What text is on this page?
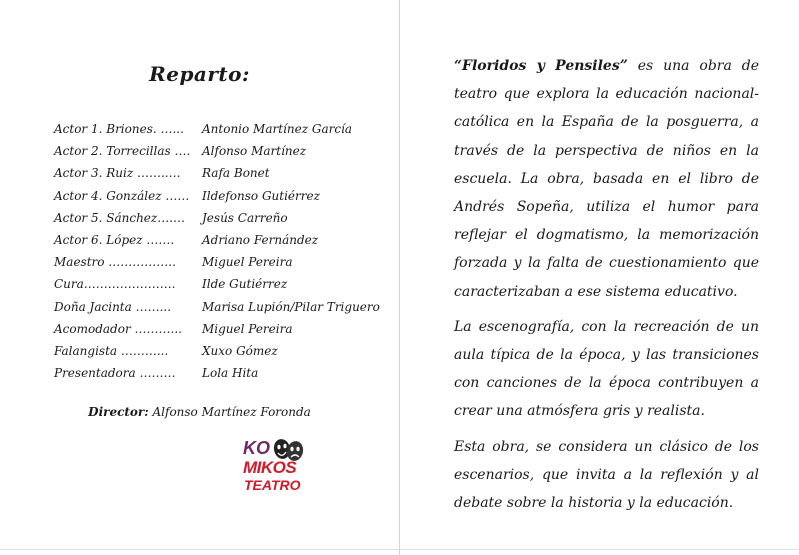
Reparto:
Actor 1. Briones. …... Antonio Martínez García
Actor 2. Torrecillas …. Alfonso Martínez
Actor 3. Ruiz ……..… Rafa Bonet
Actor 4. González …… Ildefonso Gutiérrez
Actor 5. Sánchez….… Jesús Carreño
Actor 6. López ……. Adriano Fernández
Maestro …………….. Miguel Pereira
Cura………………….. Ilde Gutiérrez
Doña Jacinta ……...	Marisa Lupión/Pilar Triguero
Acomodador ………... Miguel Pereira
Falangista ………...	Xuxo Gómez
Presentadora ……… Lola Hita
Director: Alfonso Martínez Foronda
KO
MIKOS
TEATRO

“Floridos y Pensiles” es una obra de teatro que explora la educación nacional-católica en la España de la posguerra, a través de la perspectiva de niños en la escuela. La obra, basada en el libro de Andrés Sopeña, utiliza el humor para reflejar el dogmatismo, la memorización forzada y la falta de cuestionamiento que caracterizaban a ese sistema educativo.

La escenografía, con la recreación de un aula típica de la época, y las transiciones con canciones de la época contribuyen a crear una atmósfera gris y realista.

Esta obra, se considera un clásico de los escenarios, que invita a la reflexión y al debate sobre la historia y la educación.
